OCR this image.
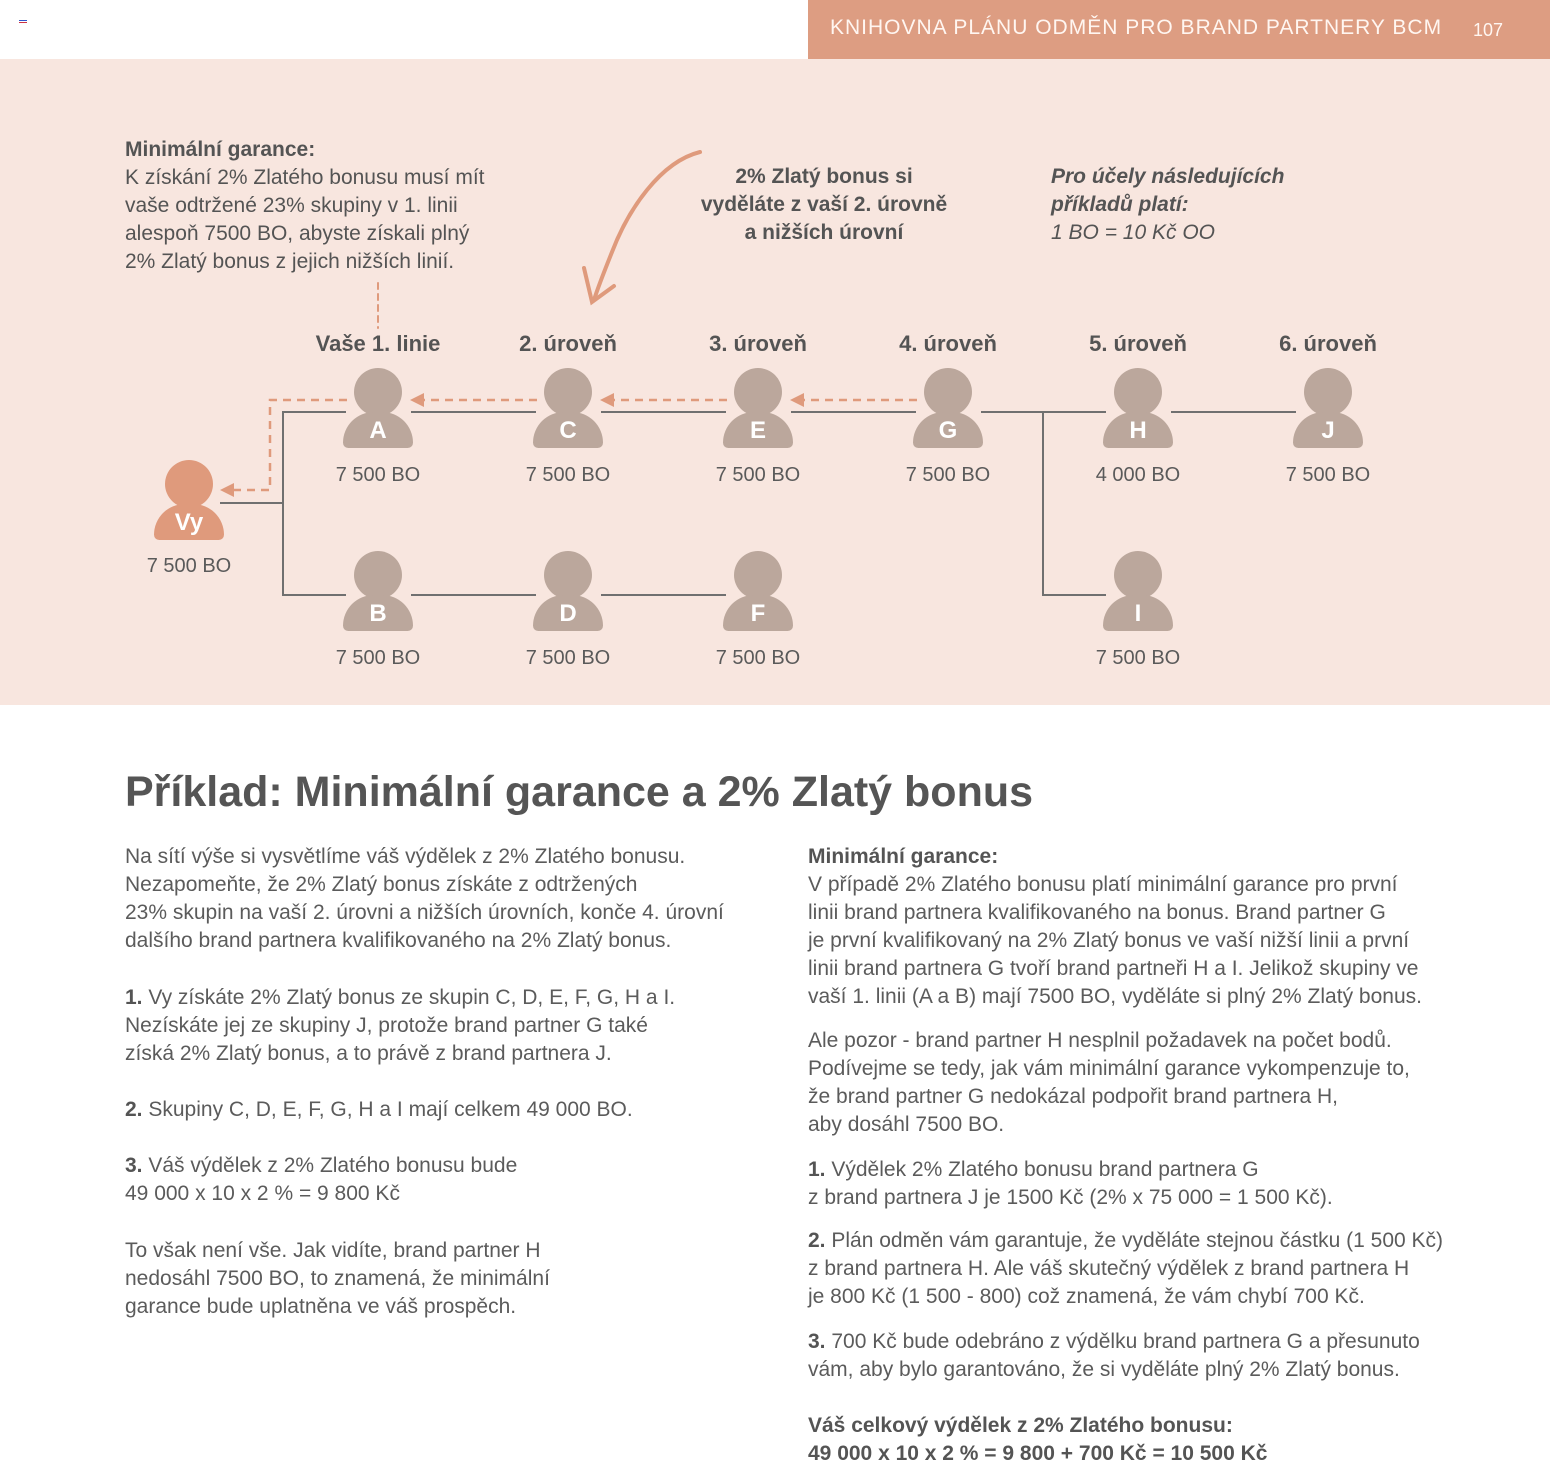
KNIHOVNA PLÁNU ODMĚN PRO BRAND PARTNERY BCM 107
Minimální garance:
K získání 2% Zlatého bonusu musí mít
vaše odtržené 23% skupiny v 1. linii
alespoň 7500 BO, abyste získali plný
2% Zlatý bonus z jejich nižších linií.
2% Zlatý bonus si
vyděláte z vaší 2. úrovně
a nižších úrovní
Pro účely následujících
příkladů platí:
1 BO = 10 Kč OO
Vaše 1. linie	2. úroveň	3. úroveň	4. úroveň	5. úroveň	6. úroveň
Vy
7 500 BO
A
7 500 BO
C
7 500 BO
E
7 500 BO
G
7 500 BO
H
4 000 BO
J
7 500 BO
B
7 500 BO
D
7 500 BO
F
7 500 BO
I
7 500 BO
Příklad: Minimální garance a 2% Zlatý bonus
Na sítí výše si vysvětlíme váš výdělek z 2% Zlatého bonusu.
Nezapomeňte, že 2% Zlatý bonus získáte z odtržených
23% skupin na vaší 2. úrovni a nižších úrovních, konče 4. úrovní
dalšího brand partnera kvalifikovaného na 2% Zlatý bonus.
1. Vy získáte 2% Zlatý bonus ze skupin C, D, E, F, G, H a I.
Nezískáte jej ze skupiny J, protože brand partner G také
získá 2% Zlatý bonus, a to právě z brand partnera J.
2. Skupiny C, D, E, F, G, H a I mají celkem 49 000 BO.
3. Váš výdělek z 2% Zlatého bonusu bude
49 000 x 10 x 2 % = 9 800 Kč
To však není vše. Jak vidíte, brand partner H
nedosáhl 7500 BO, to znamená, že minimální
garance bude uplatněna ve váš prospěch.
Minimální garance:
V případě 2% Zlatého bonusu platí minimální garance pro první
linii brand partnera kvalifikovaného na bonus. Brand partner G
je první kvalifikovaný na 2% Zlatý bonus ve vaší nižší linii a první
linii brand partnera G tvoří brand partneři H a I. Jelikož skupiny ve
vaší 1. linii (A a B) mají 7500 BO, vyděláte si plný 2% Zlatý bonus.
Ale pozor - brand partner H nesplnil požadavek na počet bodů.
Podívejme se tedy, jak vám minimální garance vykompenzuje to,
že brand partner G nedokázal podpořit brand partnera H,
aby dosáhl 7500 BO.
1. Výdělek 2% Zlatého bonusu brand partnera G
z brand partnera J je 1500 Kč (2% x 75 000 = 1 500 Kč).
2. Plán odměn vám garantuje, že vyděláte stejnou částku (1 500 Kč)
z brand partnera H. Ale váš skutečný výdělek z brand partnera H
je 800 Kč (1 500 - 800) což znamená, že vám chybí 700 Kč.
3. 700 Kč bude odebráno z výdělku brand partnera G a přesunuto
vám, aby bylo garantováno, že si vyděláte plný 2% Zlatý bonus.
Váš celkový výdělek z 2% Zlatého bonusu:
49 000 x 10 x 2 % = 9 800 + 700 Kč = 10 500 Kč
